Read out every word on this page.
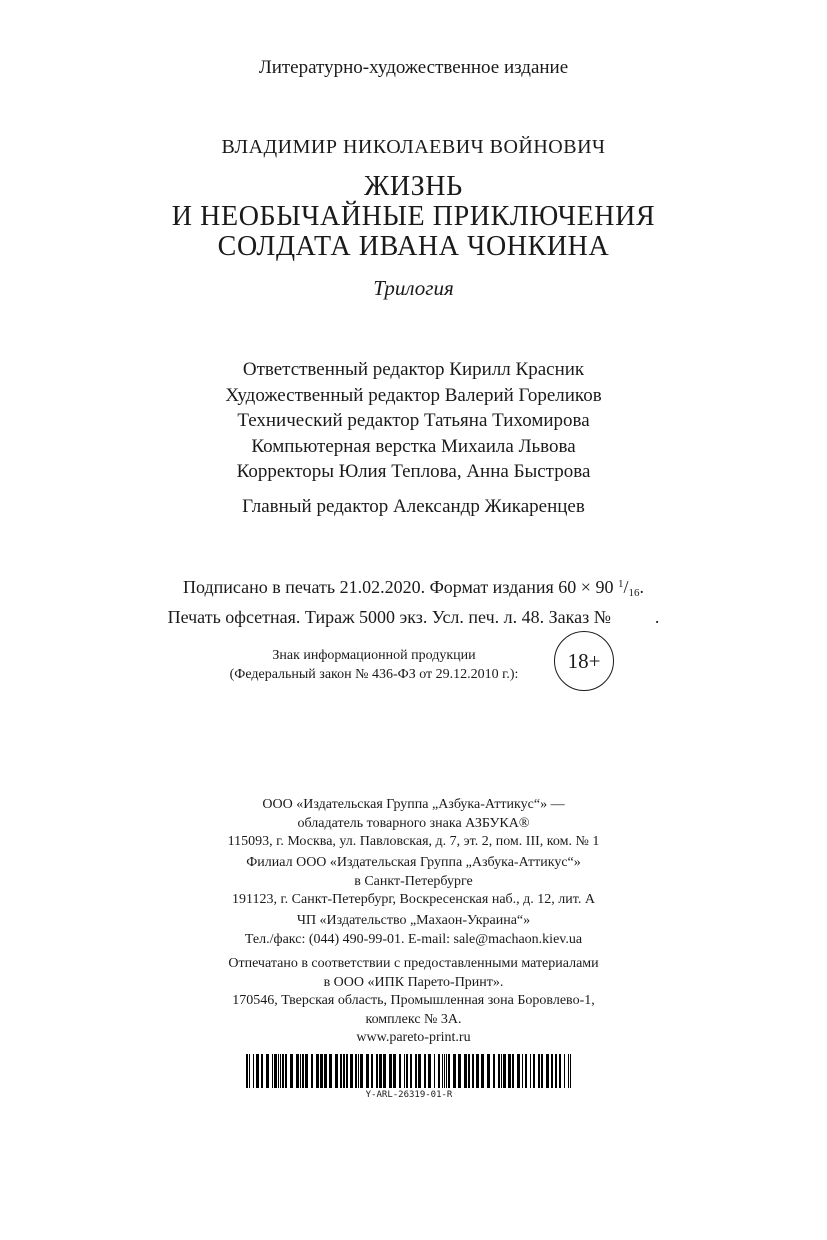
Литературно-художественное издание
ВЛАДИМИР НИКОЛАЕВИЧ ВОЙНОВИЧ
ЖИЗНЬ
И НЕОБЫЧАЙНЫЕ ПРИКЛЮЧЕНИЯ
СОЛДАТА ИВАНА ЧОНКИНА
Трилогия
Ответственный редактор Кирилл Красник
Художественный редактор Валерий Гореликов
Технический редактор Татьяна Тихомирова
Компьютерная верстка Михаила Львова
Корректоры Юлия Теплова, Анна Быстрова
Главный редактор Александр Жикаренцев
Подписано в печать 21.02.2020. Формат издания 60 × 90 $^1/_{16}$.
Печать офсетная. Тираж 5000 экз. Усл. печ. л. 48. Заказ № .
Знак информационной продукции
(Федеральный закон № 436-ФЗ от 29.12.2010 г.):
18+
ООО «Издательская Группа „Азбука-Аттикус“» —
обладатель товарного знака АЗБУКА®
115093, г. Москва, ул. Павловская, д. 7, эт. 2, пом. III, ком. № 1
Филиал ООО «Издательская Группа „Азбука-Аттикус“»
в Санкт-Петербурге
191123, г. Санкт-Петербург, Воскресенская наб., д. 12, лит. А
ЧП «Издательство „Махаон-Украина“»
Тел./факс: (044) 490-99-01. E-mail: sale@machaon.kiev.ua
Отпечатано в соответствии с предоставленными материалами
в ООО «ИПК Парето-Принт».
170546, Тверская область, Промышленная зона Боровлево-1,
комплекс № 3А.
www.pareto-print.ru
Y-ARL-26319-01-R
